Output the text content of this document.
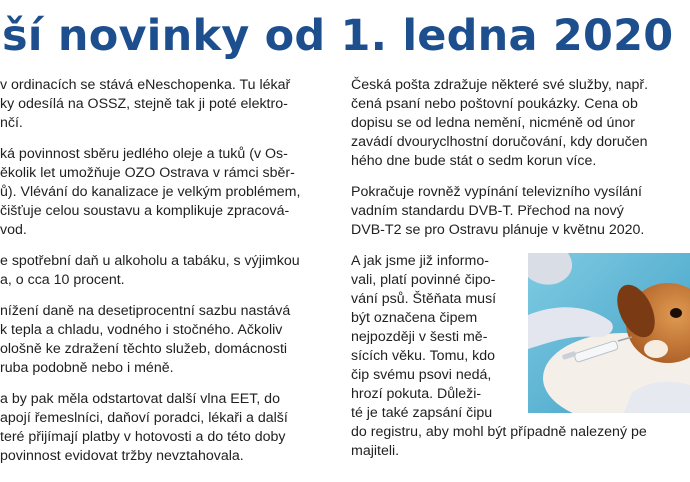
ší novinky od 1. ledna 2020
v ordinacích se stává eNeschopenka. Tu lékař
ky odesílá na OSSZ, stejně tak ji poté elektro-
nčí.
ká povinnost sběru jedlého oleje a tuků (v Os-
ěkolik let umožňuje OZO Ostrava v rámci sběr-
ů). Vlévání do kanalizace je velkým problémem,
čišťuje celou soustavu a komplikuje zpracová-
vod.
e spotřební daň u alkoholu a tabáku, s výjimkou
a, o cca 10 procent.
nížení daně na desetiprocentní sazbu nastává
k tepla a chladu, vodného i stočného. Ačkoliv
ološně ke zdražení těchto služeb, domácnosti
ruba podobně nebo i méně.
a by pak měla odstartovat další vlna EET, do
apojí řemeslníci, daňoví poradci, lékaři a další
teré přijímají platby v hotovosti a do této doby
povinnost evidovat tržby nevztahovala.
Česká pošta zdražuje některé své služby, např.
čená psaní nebo poštovní poukázky. Cena ob
dopisu se od ledna nemění, nicméně od únor
zavádí dvouryclhostní doručování, kdy doručen
hého dne bude stát o sedm korun více.
Pokračuje rovněž vypínání televizního vysílání
vadním standardu DVB-T. Přechod na nový
DVB-T2 se pro Ostravu plánuje v květnu 2020.
A jak jsme již informo-
vali, platí povinné čipo-
vání psů. Štěňata musí
být označena čipem
nejpozději v šesti mě-
sících věku. Tomu, kdo
čip svému psovi nedá,
hrozí pokuta. Důleži-
té je také zapsání čipu
do registru, aby mohl být případně nalezený pe
majiteli.
